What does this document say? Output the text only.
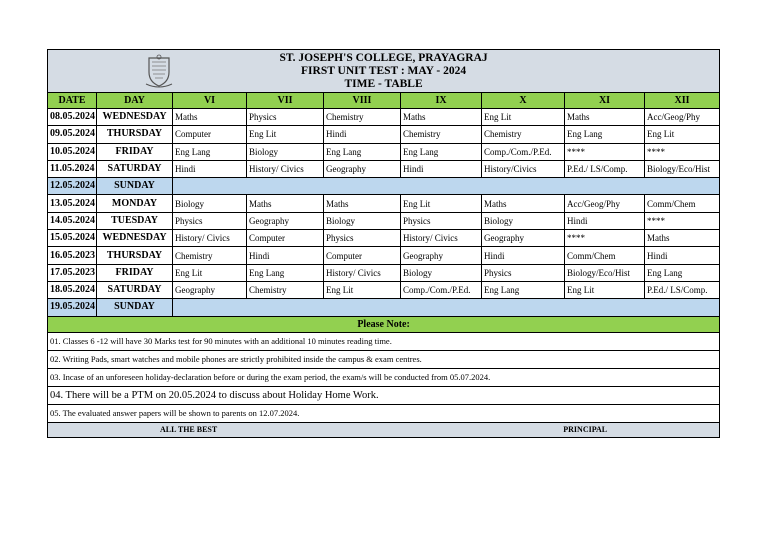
ST. JOSEPH'S COLLEGE, PRAYAGRAJ
FIRST UNIT TEST : MAY - 2024
TIME - TABLE								

DATE	DAY	VI	VII	VIII	IX	X	XI	XII
08.05.2024	WEDNESDAY	Maths	Physics	Chemistry	Maths	Eng Lit	Maths	Acc/Geog/Phy
09.05.2024	THURSDAY	Computer	Eng Lit	Hindi	Chemistry	Chemistry	Eng Lang	Eng Lit
10.05.2024	FRIDAY	Eng Lang	Biology	Eng Lang	Eng Lang	Comp./Com./P.Ed.	****	****
11.05.2024	SATURDAY	Hindi	History/ Civics	Geography	Hindi	History/Civics	P.Ed./ LS/Comp.	Biology/Eco/Hist
12.05.2024	SUNDAY							
13.05.2024	MONDAY	Biology	Maths	Maths	Eng Lit	Maths	Acc/Geog/Phy	Comm/Chem
14.05.2024	TUESDAY	Physics	Geography	Biology	Physics	Biology	Hindi	****
15.05.2024	WEDNESDAY	History/ Civics	Computer	Physics	History/ Civics	Geography	****	Maths
16.05.2023	THURSDAY	Chemistry	Hindi	Computer	Geography	Hindi	Comm/Chem	Hindi
17.05.2023	FRIDAY	Eng Lit	Eng Lang	History/ Civics	Biology	Physics	Biology/Eco/Hist	Eng Lang
18.05.2024	SATURDAY	Geography	Chemistry	Eng Lit	Comp./Com./P.Ed.	Eng Lang	Eng Lit	P.Ed./ LS/Comp.
19.05.2024	SUNDAY							
Please Note:								
01. Classes 6 -12 will have 30 Marks test for 90 minutes with an additional 10 minutes reading time.								
02. Writing Pads, smart watches and mobile phones are strictly prohibited inside the campus & exam centres.								
03. Incase of an unforeseen holiday-declaration before or during the exam period, the exam/s will be conducted from 05.07.2024.								
04. There will be a PTM on 20.05.2024 to discuss about Holiday Home Work.								
05. The evaluated answer papers will be shown to parents on 12.07.2024.								

ALL THE BEST PRINCIPAL								
